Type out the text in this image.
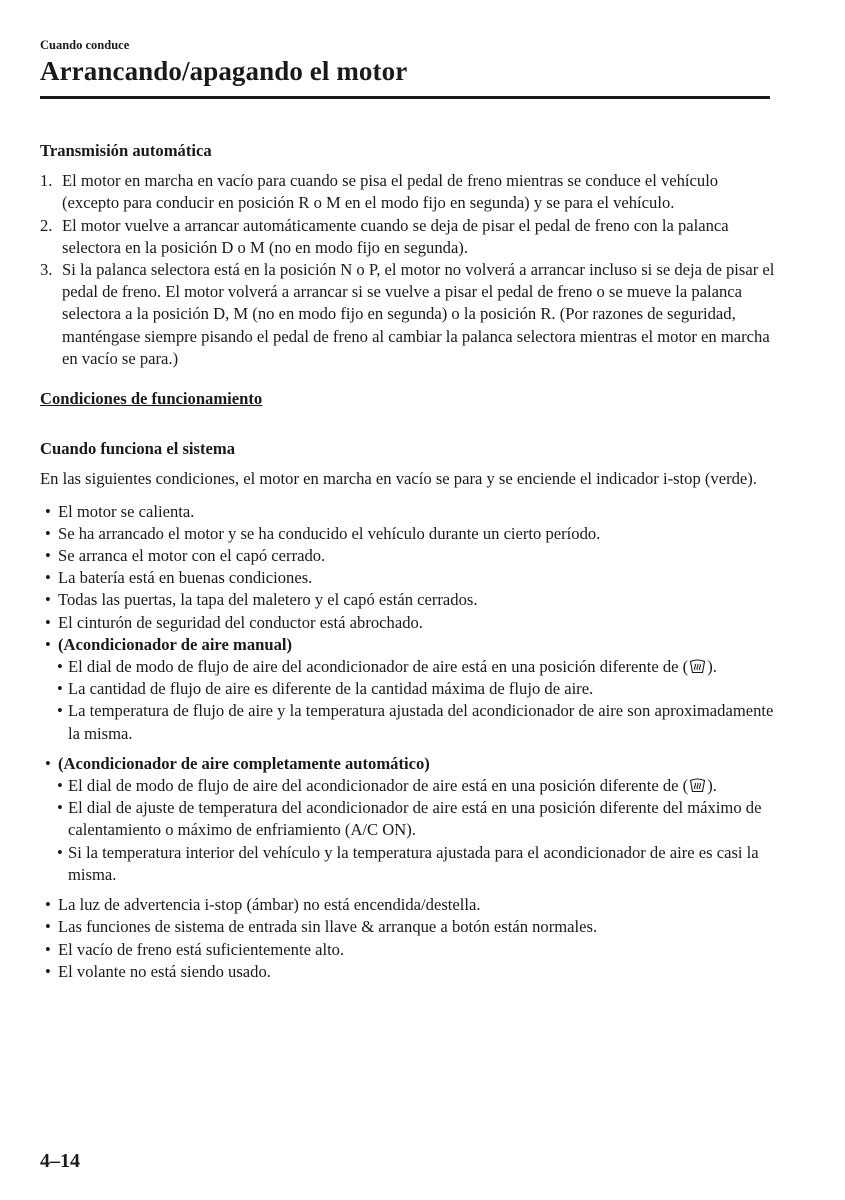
Cuando conduce
Arrancando/apagando el motor
Transmisión automática
1. El motor en marcha en vacío para cuando se pisa el pedal de freno mientras se conduce el vehículo (excepto para conducir en posición R o M en el modo fijo en segunda) y se para el vehículo.
2. El motor vuelve a arrancar automáticamente cuando se deja de pisar el pedal de freno con la palanca selectora en la posición D o M (no en modo fijo en segunda).
3. Si la palanca selectora está en la posición N o P, el motor no volverá a arrancar incluso si se deja de pisar el pedal de freno. El motor volverá a arrancar si se vuelve a pisar el pedal de freno o se mueve la palanca selectora a la posición D, M (no en modo fijo en segunda) o la posición R. (Por razones de seguridad, manténgase siempre pisando el pedal de freno al cambiar la palanca selectora mientras el motor en marcha en vacío se para.)
Condiciones de funcionamiento
Cuando funciona el sistema

En las siguientes condiciones, el motor en marcha en vacío se para y se enciende el indicador i-stop (verde).

• El motor se calienta.
• Se ha arrancado el motor y se ha conducido el vehículo durante un cierto período.
• Se arranca el motor con el capó cerrado.
• La batería está en buenas condiciones.
• Todas las puertas, la tapa del maletero y el capó están cerrados.
• El cinturón de seguridad del conductor está abrochado.
• (Acondicionador de aire manual)
• El dial de modo de flujo de aire del acondicionador de aire está en una posición diferente de ( ).
• La cantidad de flujo de aire es diferente de la cantidad máxima de flujo de aire.
• La temperatura de flujo de aire y la temperatura ajustada del acondicionador de aire son aproximadamente la misma.
• (Acondicionador de aire completamente automático)
• El dial de modo de flujo de aire del acondicionador de aire está en una posición diferente de ( ).
• El dial de ajuste de temperatura del acondicionador de aire está en una posición diferente del máximo de calentamiento o máximo de enfriamiento (A/C ON).
• Si la temperatura interior del vehículo y la temperatura ajustada para el acondicionador de aire es casi la misma.
• La luz de advertencia i-stop (ámbar) no está encendida/destella.
• Las funciones de sistema de entrada sin llave & arranque a botón están normales.
• El vacío de freno está suficientemente alto.
• El volante no está siendo usado.
4–14
